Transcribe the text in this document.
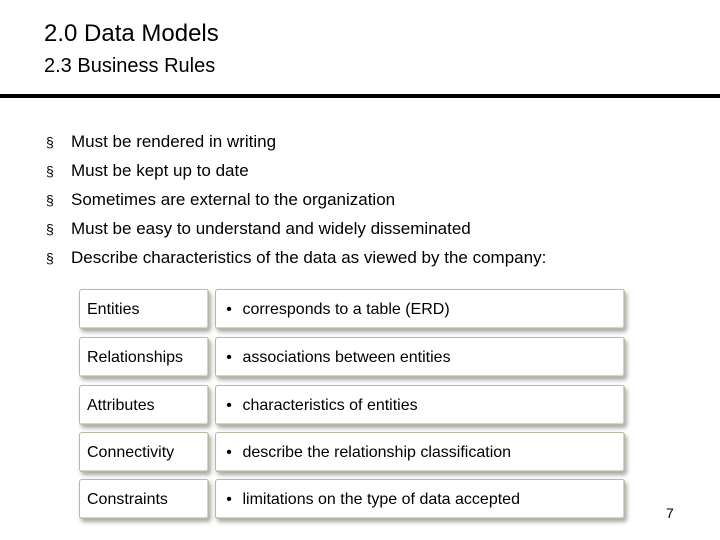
2.0 Data Models
2.3 Business Rules
§	Must be rendered in writing
§	Must be kept up to date
§	Sometimes are external to the organization
§	Must be easy to understand and widely disseminated
§	Describe characteristics of the data as viewed by the company:
Entities	• corresponds to a table (ERD)
Relationships	• associations between entities
Attributes	• characteristics of entities
Connectivity	• describe the relationship classification
Constraints	• limitations on the type of data accepted
7
